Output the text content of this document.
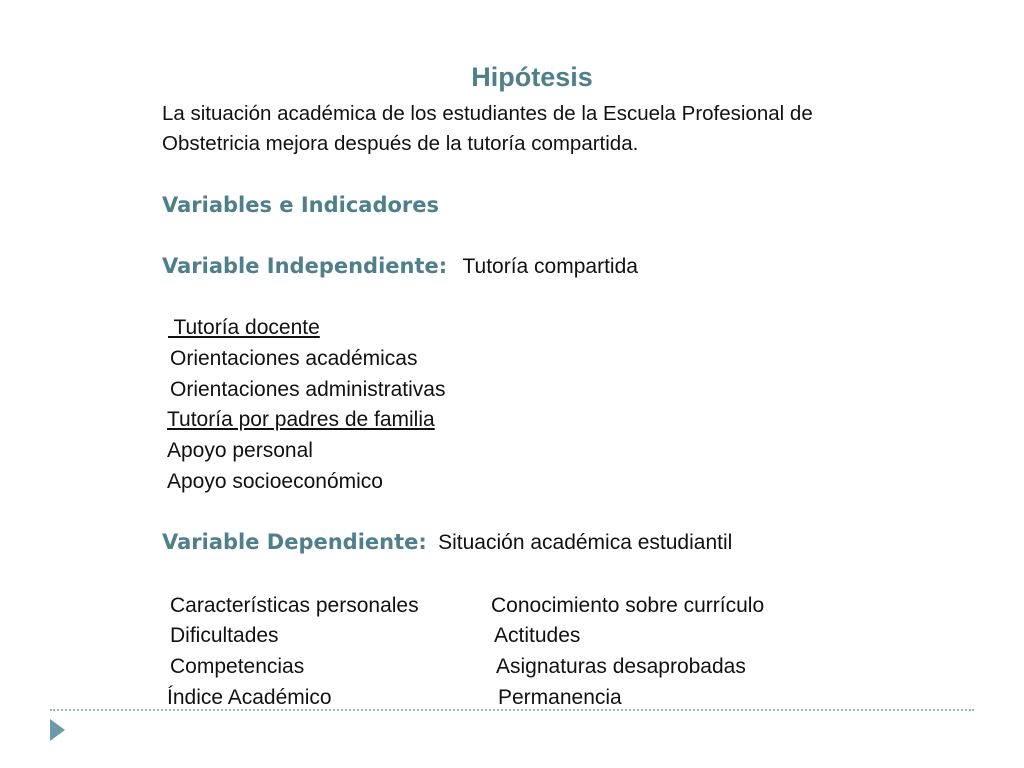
Hipótesis
La situación académica de los estudiantes de la Escuela Profesional de
Obstetricia mejora después de la tutoría compartida.
Variables e Indicadores
Variable Independiente: Tutoría compartida
Tutoría docente
Orientaciones académicas
Orientaciones administrativas
Tutoría por padres de familia
Apoyo personal
Apoyo socioeconómico
Variable Dependiente: Situación académica estudiantil
Características personales
Dificultades
Competencias
Índice Académico
Conocimiento sobre currículo
Actitudes
Asignaturas desaprobadas
Permanencia
